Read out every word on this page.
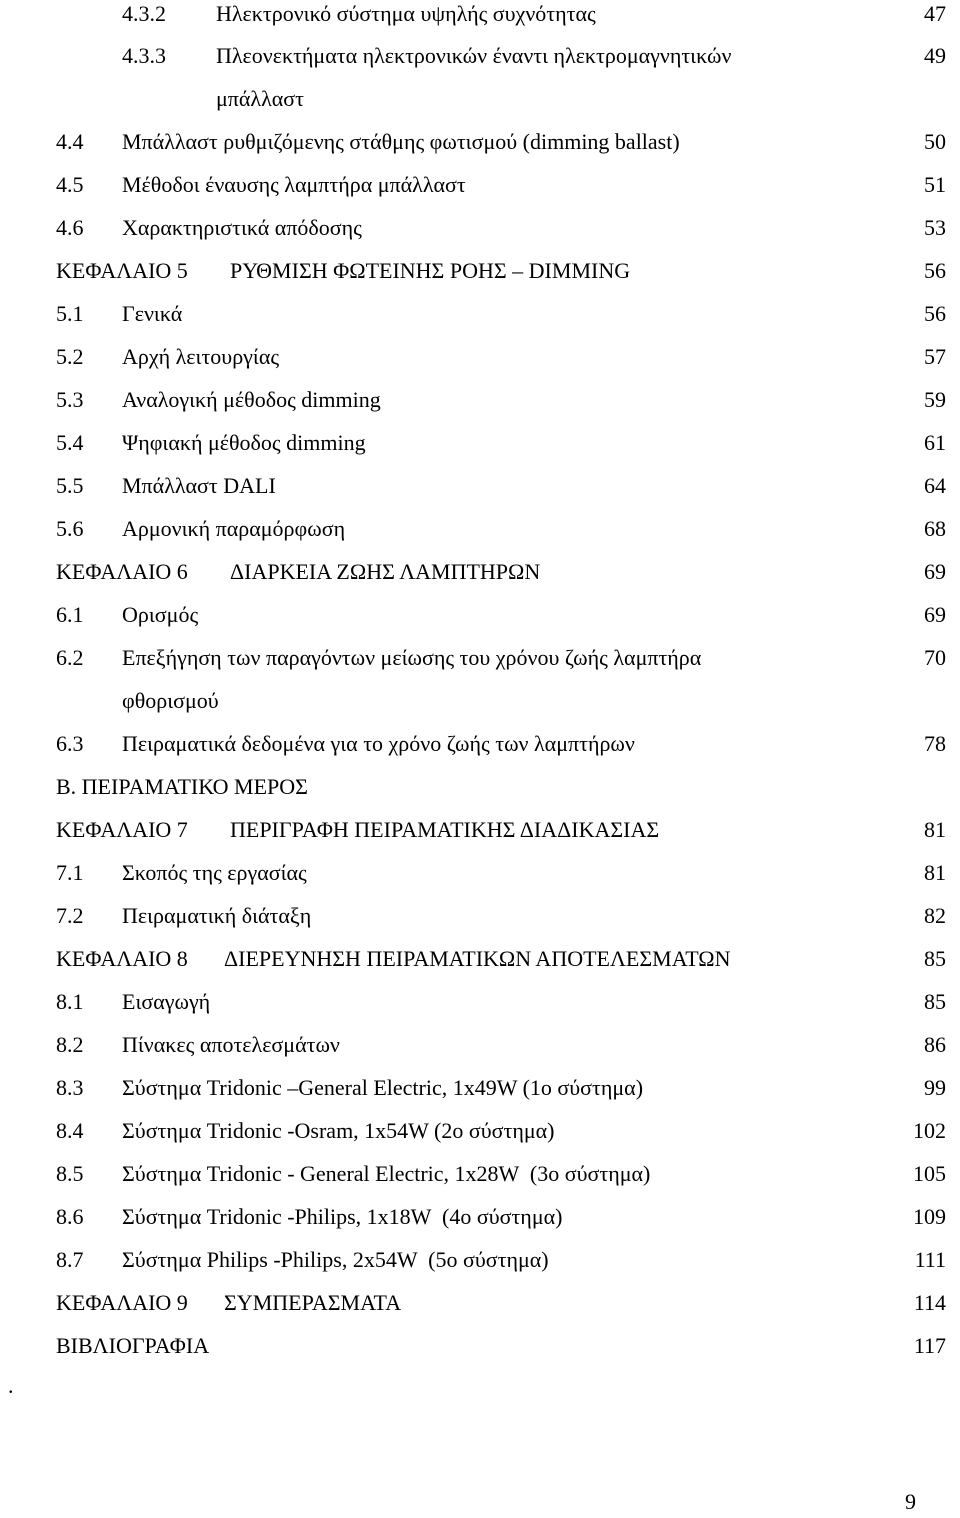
4.3.2 Ηλεκτρονικό σύστημα υψηλής συχνότητας	47
4.3.3 Πλεονεκτήματα ηλεκτρονικών έναντι ηλεκτρομαγνητικών	49
μπάλλαστ
4.4 Μπάλλαστ ρυθμιζόμενης στάθμης φωτισμού (dimming ballast)	50
4.5 Μέθοδοι έναυσης λαμπτήρα μπάλλαστ	51
4.6 Χαρακτηριστικά απόδοσης	53
ΚΕΦΑΛΑΙΟ 5 ΡΥΘΜΙΣΗ ΦΩΤΕΙΝΗΣ ΡΟΗΣ – DIMMING	56
5.1 Γενικά	56
5.2 Αρχή λειτουργίας	57
5.3 Αναλογική μέθοδος dimming	59
5.4 Ψηφιακή μέθοδος dimming	61
5.5 Μπάλλαστ DALI	64
5.6 Αρμονική παραμόρφωση	68
ΚΕΦΑΛΑΙΟ 6 ΔΙΑΡΚΕΙΑ ΖΩΗΣ ΛΑΜΠΤΗΡΩΝ	69
6.1 Ορισμός	69
6.2 Επεξήγηση των παραγόντων μείωσης του χρόνου ζωής λαμπτήρα	70
φθορισμού
6.3 Πειραματικά δεδομένα για το χρόνο ζωής των λαμπτήρων	78
B. ΠΕΙΡΑΜΑΤΙΚΟ ΜΕΡΟΣ
ΚΕΦΑΛΑΙΟ 7 ΠΕΡΙΓΡΑΦΗ ΠΕΙΡΑΜΑΤΙΚΗΣ ΔΙΑΔΙΚΑΣΙΑΣ	81
7.1 Σκοπός της εργασίας	81
7.2 Πειραματική διάταξη	82
ΚΕΦΑΛΑΙΟ 8 ΔΙΕΡΕΥΝΗΣΗ ΠΕΙΡΑΜΑΤΙΚΩΝ ΑΠΟΤΕΛΕΣΜΑΤΩΝ	85
8.1 Εισαγωγή	85
8.2 Πίνακες αποτελεσμάτων	86
8.3 Σύστημα Tridonic –General Electric, 1x49W (1ο σύστημα)	99
8.4 Σύστημα Tridonic -Osram, 1x54W (2ο σύστημα)	102
8.5 Σύστημα Tridonic - General Electric, 1x28W  (3ο σύστημα)	105
8.6 Σύστημα Tridonic -Philips, 1x18W  (4ο σύστημα)	109
8.7 Σύστημα Philips -Philips, 2x54W  (5ο σύστημα)	111
ΚΕΦΑΛΑΙΟ 9 ΣΥΜΠΕΡΑΣΜΑΤΑ	114
ΒΙΒΛΙΟΓΡΑΦΙΑ	117
.
9
